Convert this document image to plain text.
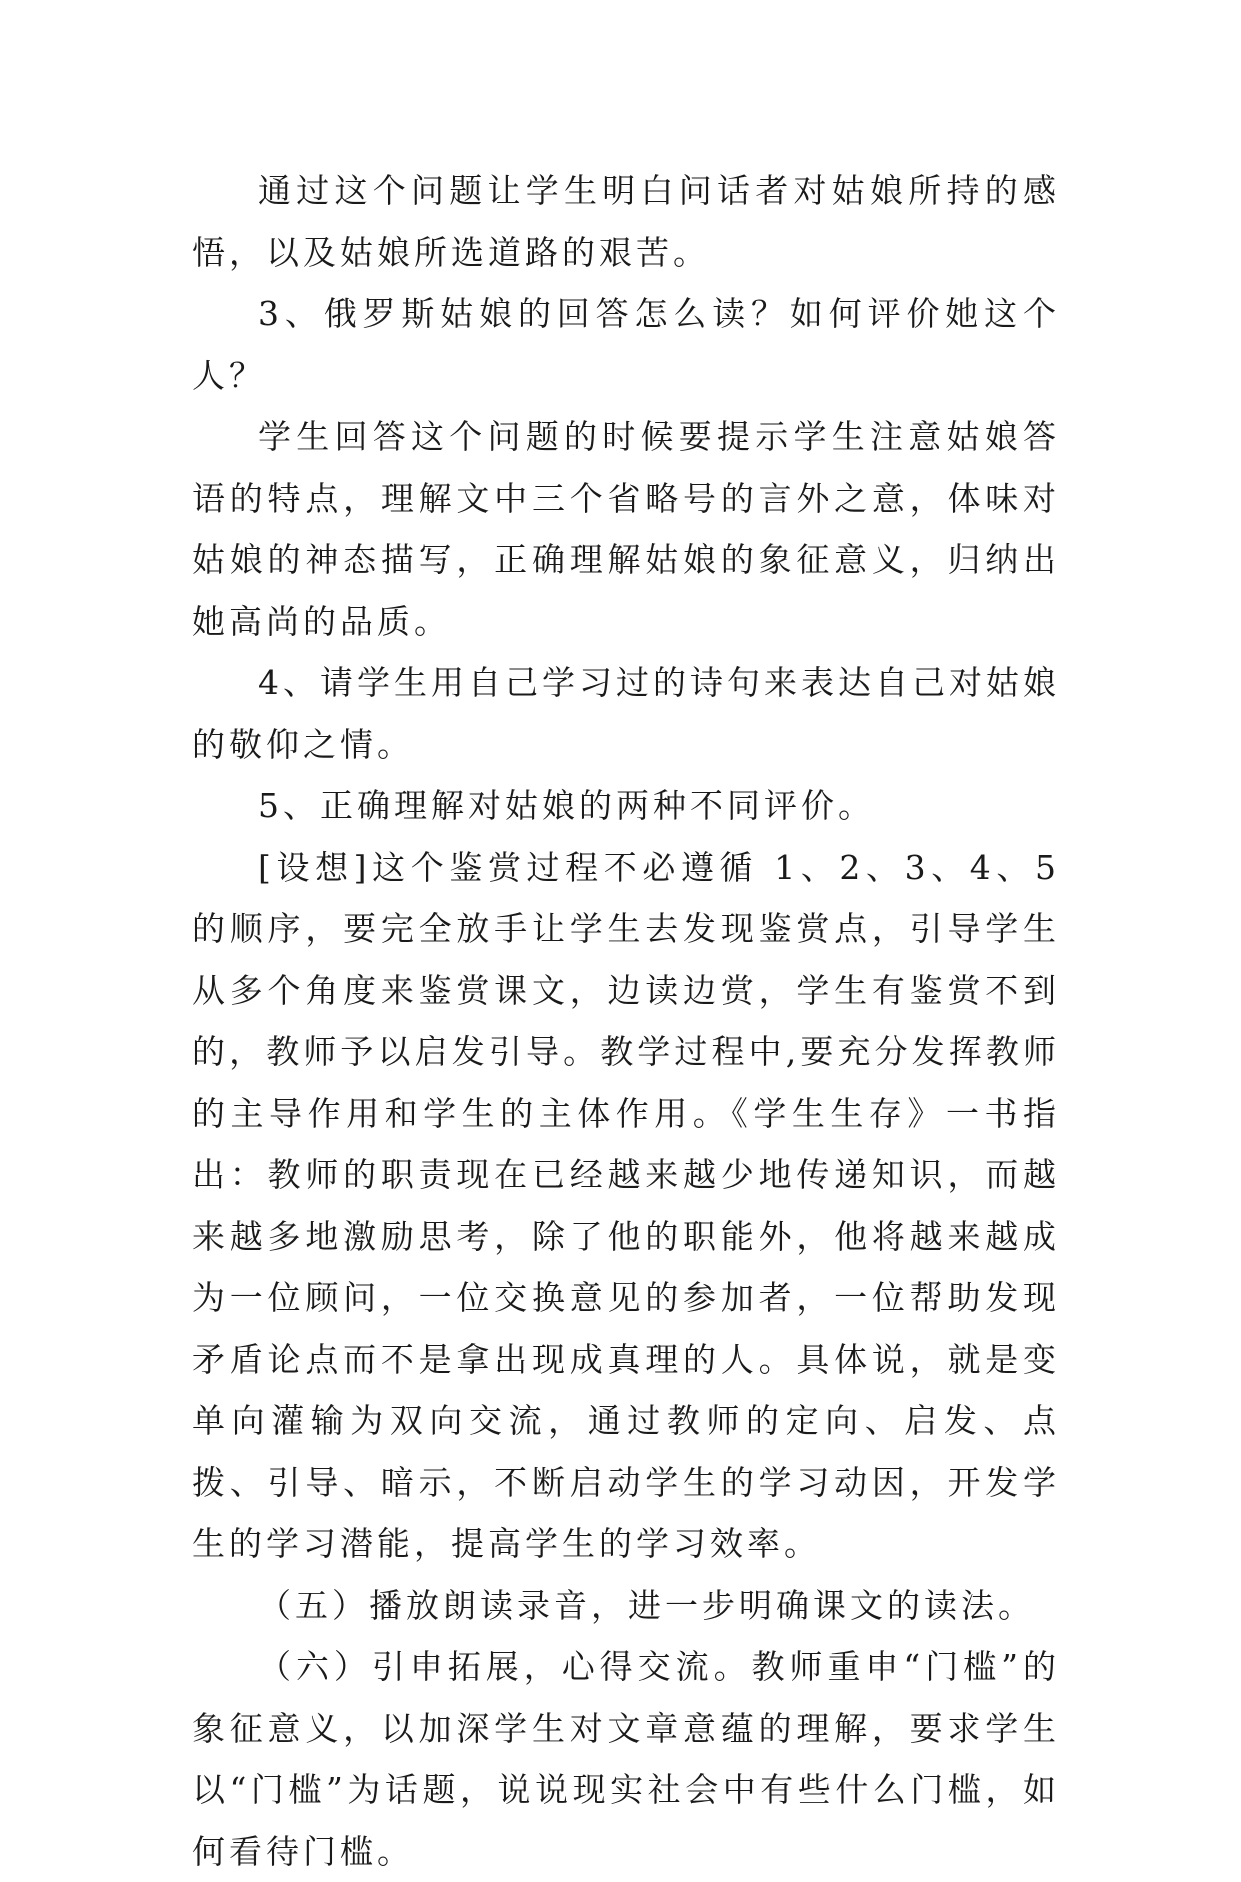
通过这个问题让学生明白问话者对姑娘所持的感悟，以及姑娘所选道路的艰苦。

3、俄罗斯姑娘的回答怎么读？如何评价她这个人？

学生回答这个问题的时候要提示学生注意姑娘答语的特点，理解文中三个省略号的言外之意，体味对姑娘的神态描写，正确理解姑娘的象征意义，归纳出她高尚的品质。

4、请学生用自己学习过的诗句来表达自己对姑娘的敬仰之情。

5、正确理解对姑娘的两种不同评价。

[设想]这个鉴赏过程不必遵循 1、2、3、4、5 的顺序，要完全放手让学生去发现鉴赏点，引导学生从多个角度来鉴赏课文，边读边赏，学生有鉴赏不到的，教师予以启发引导。教学过程中,要充分发挥教师的主导作用和学生的主体作用。《学生生存》一书指出：教师的职责现在已经越来越少地传递知识，而越来越多地激励思考，除了他的职能外，他将越来越成为一位顾问，一位交换意见的参加者，一位帮助发现矛盾论点而不是拿出现成真理的人。具体说，就是变单向灌输为双向交流，通过教师的定向、启发、点拨、引导、暗示，不断启动学生的学习动因，开发学生的学习潜能，提高学生的学习效率。

（五）播放朗读录音，进一步明确课文的读法。

（六）引申拓展，心得交流。教师重申“门槛”的象征意义，以加深学生对文章意蕴的理解，要求学生以“门槛”为话题，说说现实社会中有些什么门槛，如何看待门槛。
